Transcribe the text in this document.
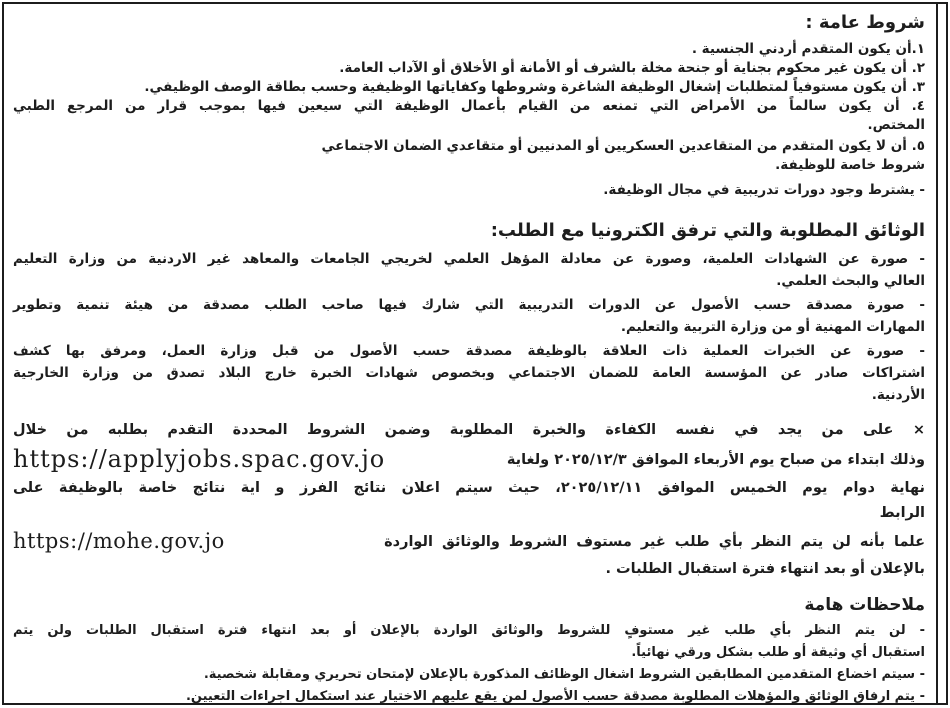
شروط عامة :
١.أن يكون المتقدم أردني الجنسية .
٢. أن يكون غير محكوم بجناية أو جنحة مخلة بالشرف أو الأمانة أو الأخلاق أو الآداب العامة.
٣. أن يكون مستوفياً لمتطلبات إشغال الوظيفة الشاغرة وشروطها وكفاياتها الوظيفية وحسب بطاقة الوصف الوظيفي.
٤. أن يكون سالماً من الأمراض التي تمنعه من القيام بأعمال الوظيفة التي سيعين فيها بموجب قرار من المرجع الطبي
المختص.
٥. أن لا يكون المتقدم من المتقاعدين العسكريين أو المدنيين أو متقاعدي الضمان الاجتماعي
شروط خاصة للوظيفة.
- يشترط وجود دورات تدريبية في مجال الوظيفة.
الوثائق المطلوبة والتي ترفق الكترونيا مع الطلب:
- صورة عن الشهادات العلمية، وصورة عن معادلة المؤهل العلمي لخريجي الجامعات والمعاهد غير الاردنية من وزارة التعليم
العالي والبحث العلمي.
- صورة مصدقة حسب الأصول عن الدورات التدريبية التي شارك فيها صاحب الطلب مصدقة من هيئة تنمية وتطوير
المهارات المهنية أو من وزارة التربية والتعليم.
- صورة عن الخبرات العملية ذات العلاقة بالوظيفة مصدقة حسب الأصول من قبل وزارة العمل، ومرفق بها كشف
اشتراكات صادر عن المؤسسة العامة للضمان الاجتماعي وبخصوص شهادات الخبرة خارج البلاد تصدق من وزارة الخارجية
الأردنية.
× على من يجد في نفسه الكفاءة والخبرة المطلوبة وضمن الشروط المحددة التقدم بطلبه من خلال
https://applyjobs.spac.gov.jo	وذلك ابتداء من صباح يوم الأربعاء الموافق ٢٠٢٥/١٢/٣ ولغاية
نهاية دوام يوم الخميس الموافق ٢٠٢٥/١٢/١١، حيث سيتم اعلان نتائج الفرز و اية نتائج خاصة بالوظيفة على
الرابط
https://mohe.gov.jo	علما بأنه لن يتم النظر بأي طلب غير مستوف الشروط والوثائق الواردة
بالإعلان أو بعد انتهاء فترة استقبال الطلبات .
ملاحظات هامة
- لن يتم النظر بأي طلب غير مستوفٍ للشروط والوثائق الواردة بالإعلان أو بعد انتهاء فترة استقبال الطلبات ولن يتم
استقبال أي وثيقة أو طلب بشكل ورقي نهائياً.
- سيتم اخضاع المتقدمين المطابقين الشروط اشغال الوظائف المذكورة بالإعلان لإمتحان تحريري ومقابلة شخصية.
- يتم ارفاق الوثائق والمؤهلات المطلوبة مصدقة حسب الأصول لمن يقع عليهم الاختيار عند استكمال اجراءات التعيين.
